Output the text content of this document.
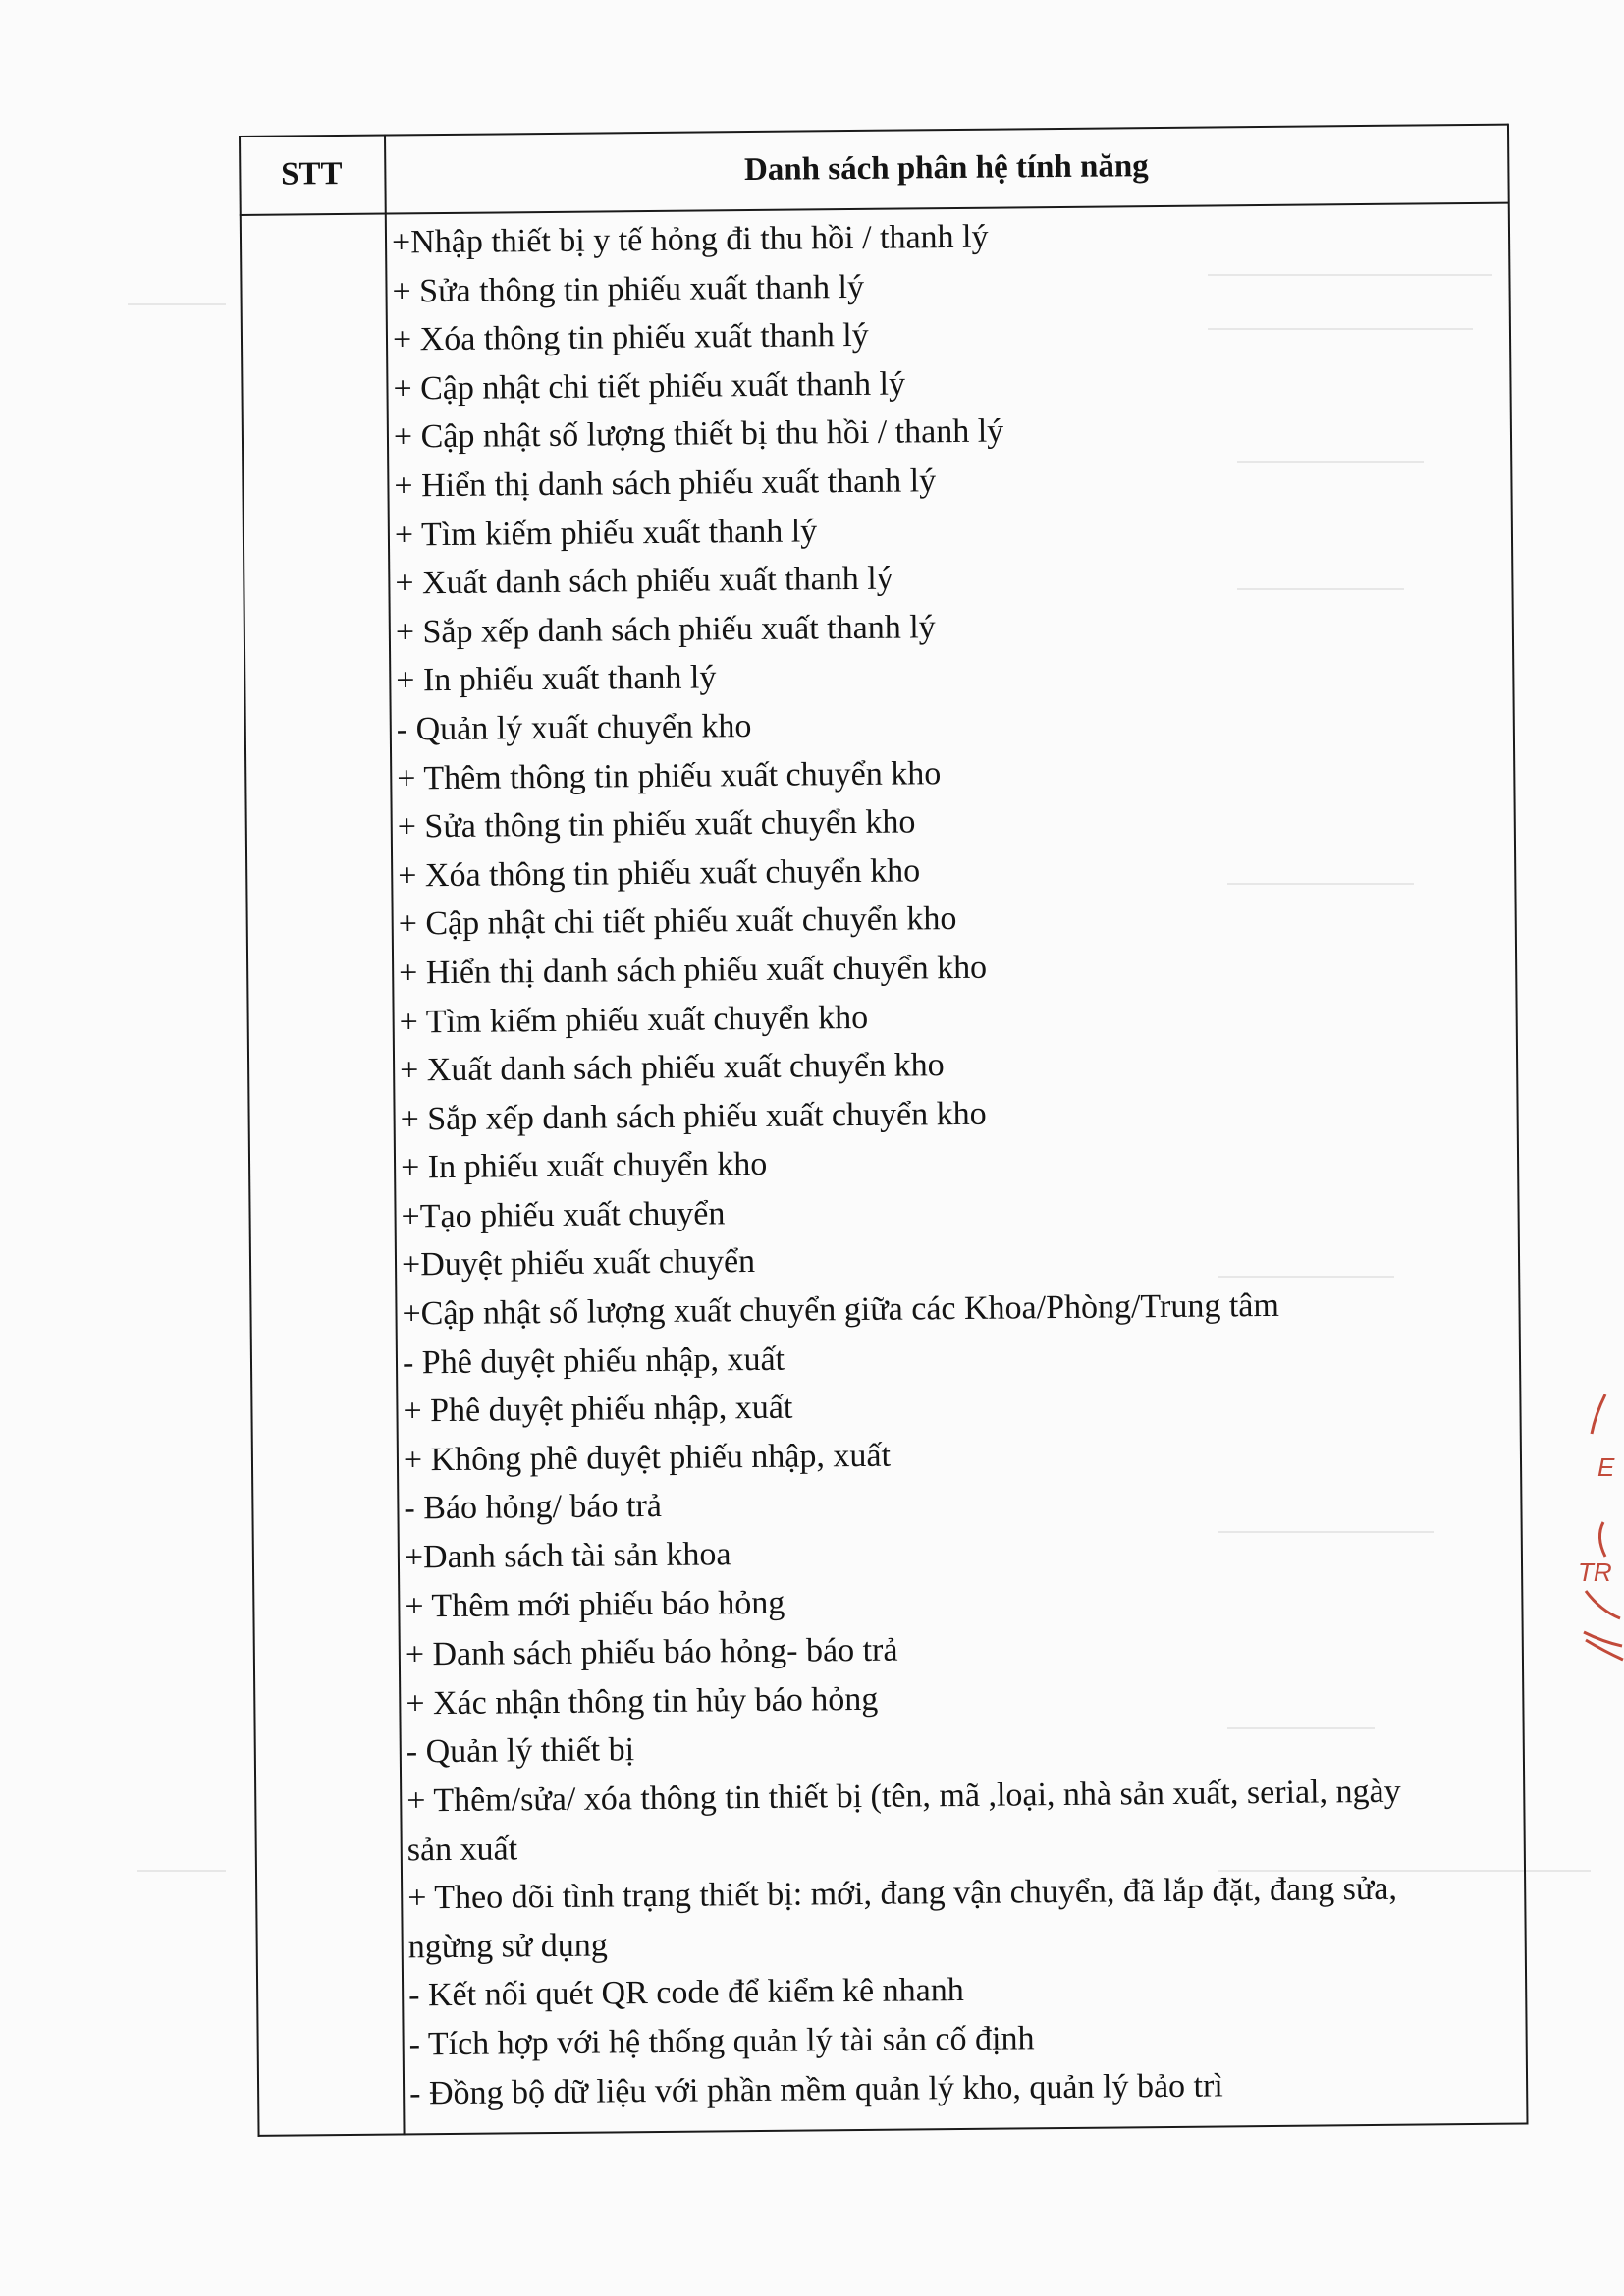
E
TR
STT	Danh sách phân hệ tính năng
+Nhập thiết bị y tế hỏng đi thu hồi / thanh lý
+ Sửa thông tin phiếu xuất thanh lý
+ Xóa thông tin phiếu xuất thanh lý
+ Cập nhật chi tiết phiếu xuất thanh lý
+ Cập nhật số lượng thiết bị thu hồi / thanh lý
+ Hiển thị danh sách phiếu xuất thanh lý
+ Tìm kiếm phiếu xuất thanh lý
+ Xuất danh sách phiếu xuất thanh lý
+ Sắp xếp danh sách phiếu xuất thanh lý
+ In phiếu xuất thanh lý
- Quản lý xuất chuyển kho
+ Thêm thông tin phiếu xuất chuyển kho
+ Sửa thông tin phiếu xuất chuyển kho
+ Xóa thông tin phiếu xuất chuyển kho
+ Cập nhật chi tiết phiếu xuất chuyển kho
+ Hiển thị danh sách phiếu xuất chuyển kho
+ Tìm kiếm phiếu xuất chuyển kho
+ Xuất danh sách phiếu xuất chuyển kho
+ Sắp xếp danh sách phiếu xuất chuyển kho
+ In phiếu xuất chuyển kho
+Tạo phiếu xuất chuyển
+Duyệt phiếu xuất chuyển
+Cập nhật số lượng xuất chuyển giữa các Khoa/Phòng/Trung tâm
- Phê duyệt phiếu nhập, xuất
+ Phê duyệt phiếu nhập, xuất
+ Không phê duyệt phiếu nhập, xuất
- Báo hỏng/ báo trả
+Danh sách tài sản khoa
+ Thêm mới phiếu báo hỏng
+ Danh sách phiếu báo hỏng- báo trả
+ Xác nhận thông tin hủy báo hỏng
- Quản lý thiết bị
+ Thêm/sửa/ xóa thông tin thiết bị (tên, mã ,loại, nhà sản xuất, serial, ngày
sản xuất
+ Theo dõi tình trạng thiết bị: mới, đang vận chuyển, đã lắp đặt, đang sửa,
ngừng sử dụng
- Kết nối quét QR code để kiểm kê nhanh
- Tích hợp với hệ thống quản lý tài sản cố định
- Đồng bộ dữ liệu với phần mềm quản lý kho, quản lý bảo trì
